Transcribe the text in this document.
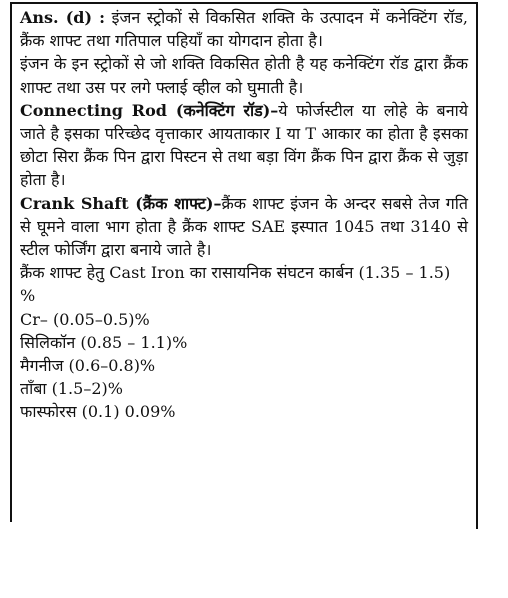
Ans. (d) : इंजन स्ट्रोकों से विकसित शक्ति के उत्पादन में कनेक्टिंग रॉड, क्रैंक शाफ्ट तथा गतिपाल पहियाँ का योगदान होता है।

इंजन के इन स्ट्रोकों से जो शक्ति विकसित होती है यह कनेक्टिंग रॉड द्वारा क्रैंक शाफ्ट तथा उस पर लगे फ्लाई व्हील को घुमाती है।

Connecting Rod (कनेक्टिंग रॉड)–ये फोर्जस्टील या लोहे के बनाये जाते है इसका परिच्छेद वृत्ताकार आयताकार I या T आकार का होता है इसका छोटा सिरा क्रैंक पिन द्वारा पिस्टन से तथा बड़ा विंग क्रैंक पिन द्वारा क्रैंक से जुड़ा होता है।

Crank Shaft (क्रैंक शाफ्ट)–क्रैंक शाफ्ट इंजन के अन्दर सबसे तेज गति से घूमने वाला भाग होता है क्रैंक शाफ्ट SAE इस्पात 1045 तथा 3140 से स्टील फोर्जिंग द्वारा बनाये जाते है।

क्रैंक शाफ्ट हेतु Cast Iron का रासायनिक संघटन कार्बन (1.35 – 1.5) %

Cr– (0.05–0.5)%

सिलिकॉन (0.85 – 1.1)%

मैगनीज (0.6–0.8)%

ताँबा (1.5–2)%

फास्फोरस (0.1) 0.09%
